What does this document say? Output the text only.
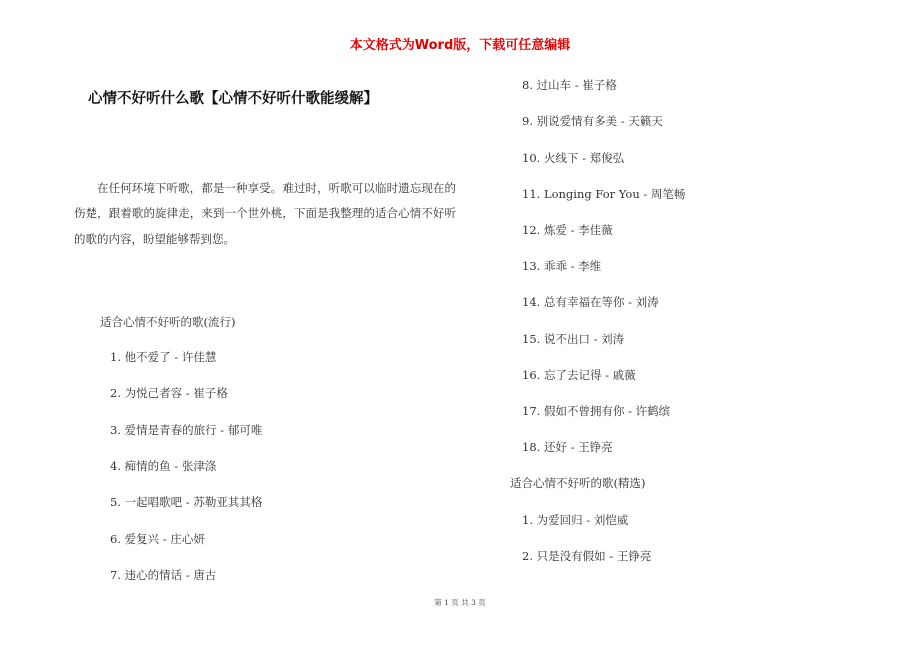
本文格式为Word版，下载可任意编辑
心情不好听什么歌【心情不好听什歌能缓解】

在任何环境下听歌，都是一种享受。难过时，听歌可以临时遗忘现在的伤楚，跟着歌的旋律走，来到一个世外桃，下面是我整理的适合心情不好听的歌的内容，盼望能够帮到您。

适合心情不好听的歌(流行)
1. 他不爱了 - 许佳慧
2. 为悦己者容 - 崔子格
3. 爱情是青春的旅行 - 郁可唯
4. 痴情的鱼 - 张津涤
5. 一起唱歌吧 - 苏勒亚其其格
6. 爱复兴 - 庄心妍
7. 违心的情话 - 唐古
8. 过山车 - 崔子格
9. 别说爱情有多美 - 天籁天
10. 火线下 - 郑俊弘
11. Longing For You - 周笔畅
12. 炼爱 - 李佳薇
13. 乖乖 - 李维
14. 总有幸福在等你 - 刘涛
15. 说不出口 - 刘涛
16. 忘了去记得 - 戚薇
17. 假如不曾拥有你 - 许鹤缤
18. 还好 - 王铮亮
适合心情不好听的歌(精选)
1. 为爱回归 - 刘恺威
2. 只是没有假如 - 王铮亮
第 1 页 共 3 页
